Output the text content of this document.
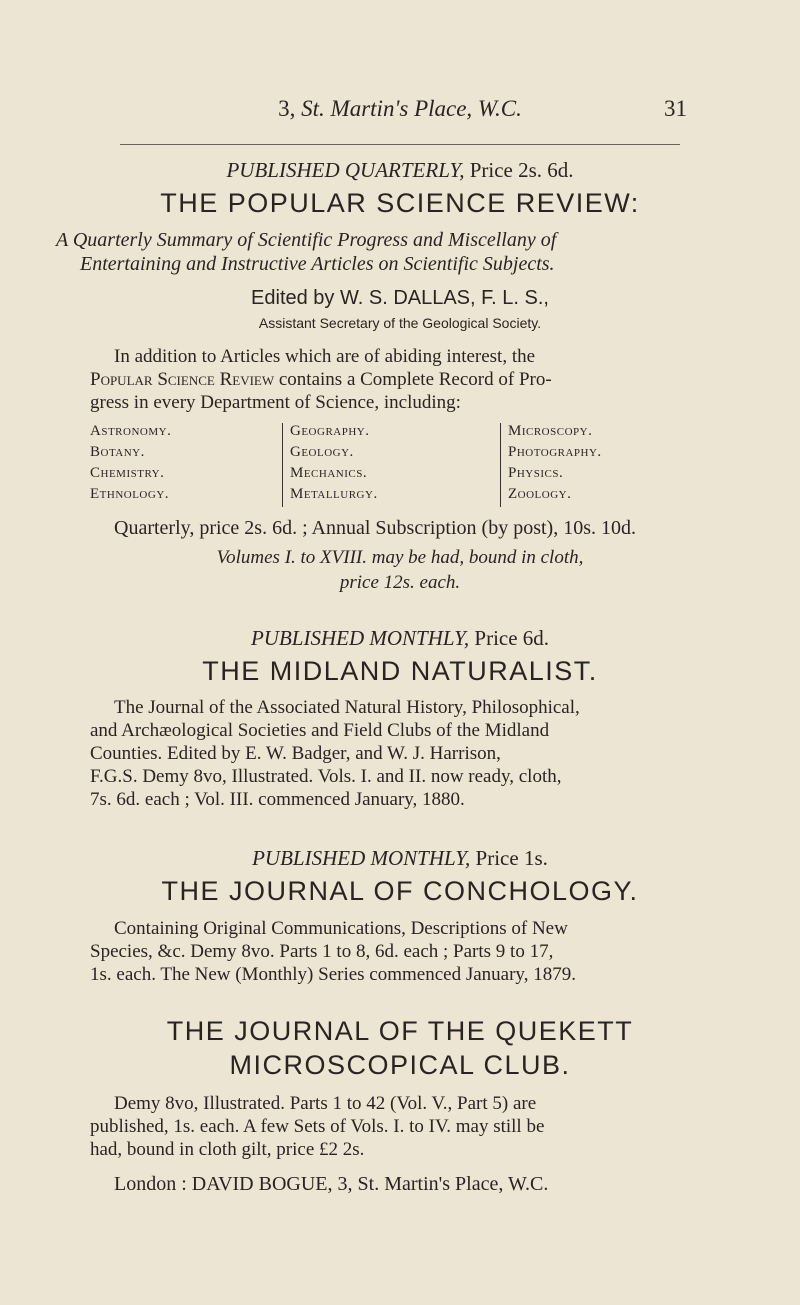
3, St. Martin's Place, W.C.	31
PUBLISHED QUARTERLY, Price 2s. 6d.
THE POPULAR SCIENCE REVIEW:
A Quarterly Summary of Scientific Progress and Miscellany of
Entertaining and Instructive Articles on Scientific Subjects.
Edited by W. S. DALLAS, F. L. S.,
Assistant Secretary of the Geological Society.
In addition to Articles which are of abiding interest, the
Popular Science Review contains a Complete Record of Pro-
gress in every Department of Science, including:
Astronomy.
Botany.
Chemistry.
Ethnology.
Geography.
Geology.
Mechanics.
Metallurgy.
Microscopy.
Photography.
Physics.
Zoology.
Quarterly, price 2s. 6d. ; Annual Subscription (by post), 10s. 10d.
Volumes I. to XVIII. may be had, bound in cloth,
price 12s. each.
PUBLISHED MONTHLY, Price 6d.
THE MIDLAND NATURALIST.
The Journal of the Associated Natural History, Philosophical,
and Archæological Societies and Field Clubs of the Midland
Counties. Edited by E. W. Badger, and W. J. Harrison,
F.G.S. Demy 8vo, Illustrated. Vols. I. and II. now ready, cloth,
7s. 6d. each ; Vol. III. commenced January, 1880.
PUBLISHED MONTHLY, Price 1s.
THE JOURNAL OF CONCHOLOGY.
Containing Original Communications, Descriptions of New
Species, &c. Demy 8vo. Parts 1 to 8, 6d. each ; Parts 9 to 17,
1s. each. The New (Monthly) Series commenced January, 1879.
THE JOURNAL OF THE QUEKETT
MICROSCOPICAL CLUB.
Demy 8vo, Illustrated. Parts 1 to 42 (Vol. V., Part 5) are
published, 1s. each. A few Sets of Vols. I. to IV. may still be
had, bound in cloth gilt, price £2 2s.
London : DAVID BOGUE, 3, St. Martin's Place, W.C.
